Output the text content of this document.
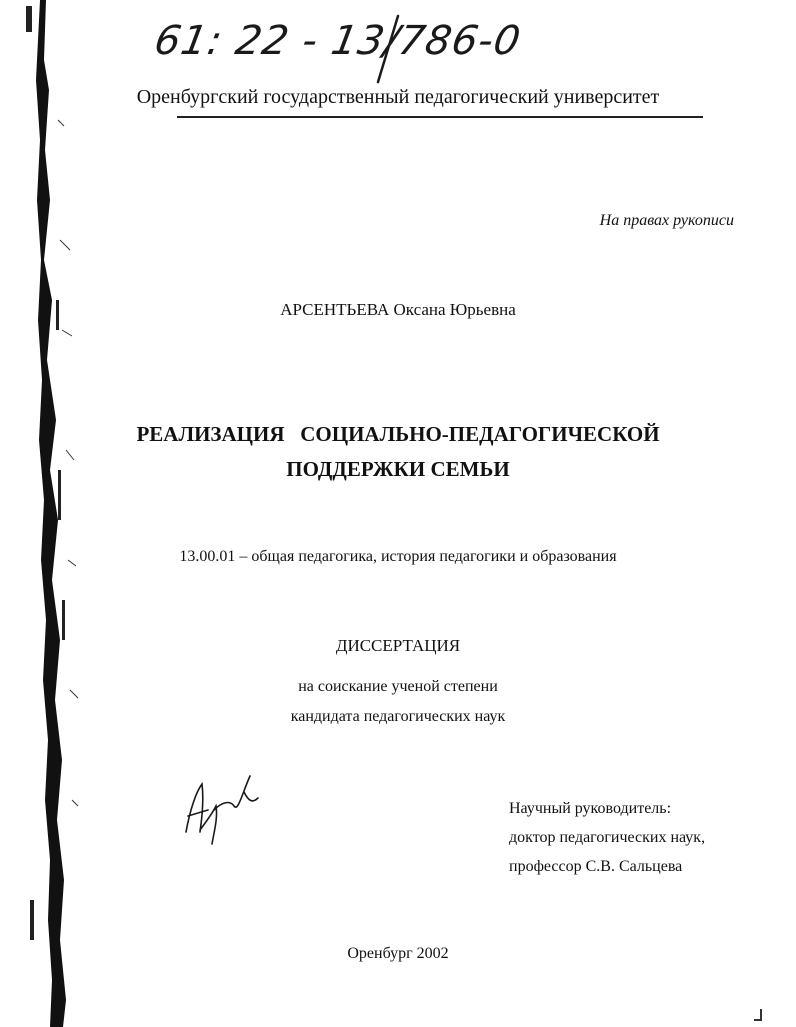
61: 22 - 13/786-0
Оренбургский государственный педагогический университет
На правах рукописи
АРСЕНТЬЕВА Оксана Юрьевна
РЕАЛИЗАЦИЯ   СОЦИАЛЬНО-ПЕДАГОГИЧЕСКОЙ
ПОДДЕРЖКИ СЕМЬИ
13.00.01 – общая педагогика, история педагогики и образования
ДИССЕРТАЦИЯ
на соискание ученой степени
кандидата педагогических наук
Научный руководитель:
доктор педагогических наук,
профессор С.В. Сальцева
Оренбург 2002
